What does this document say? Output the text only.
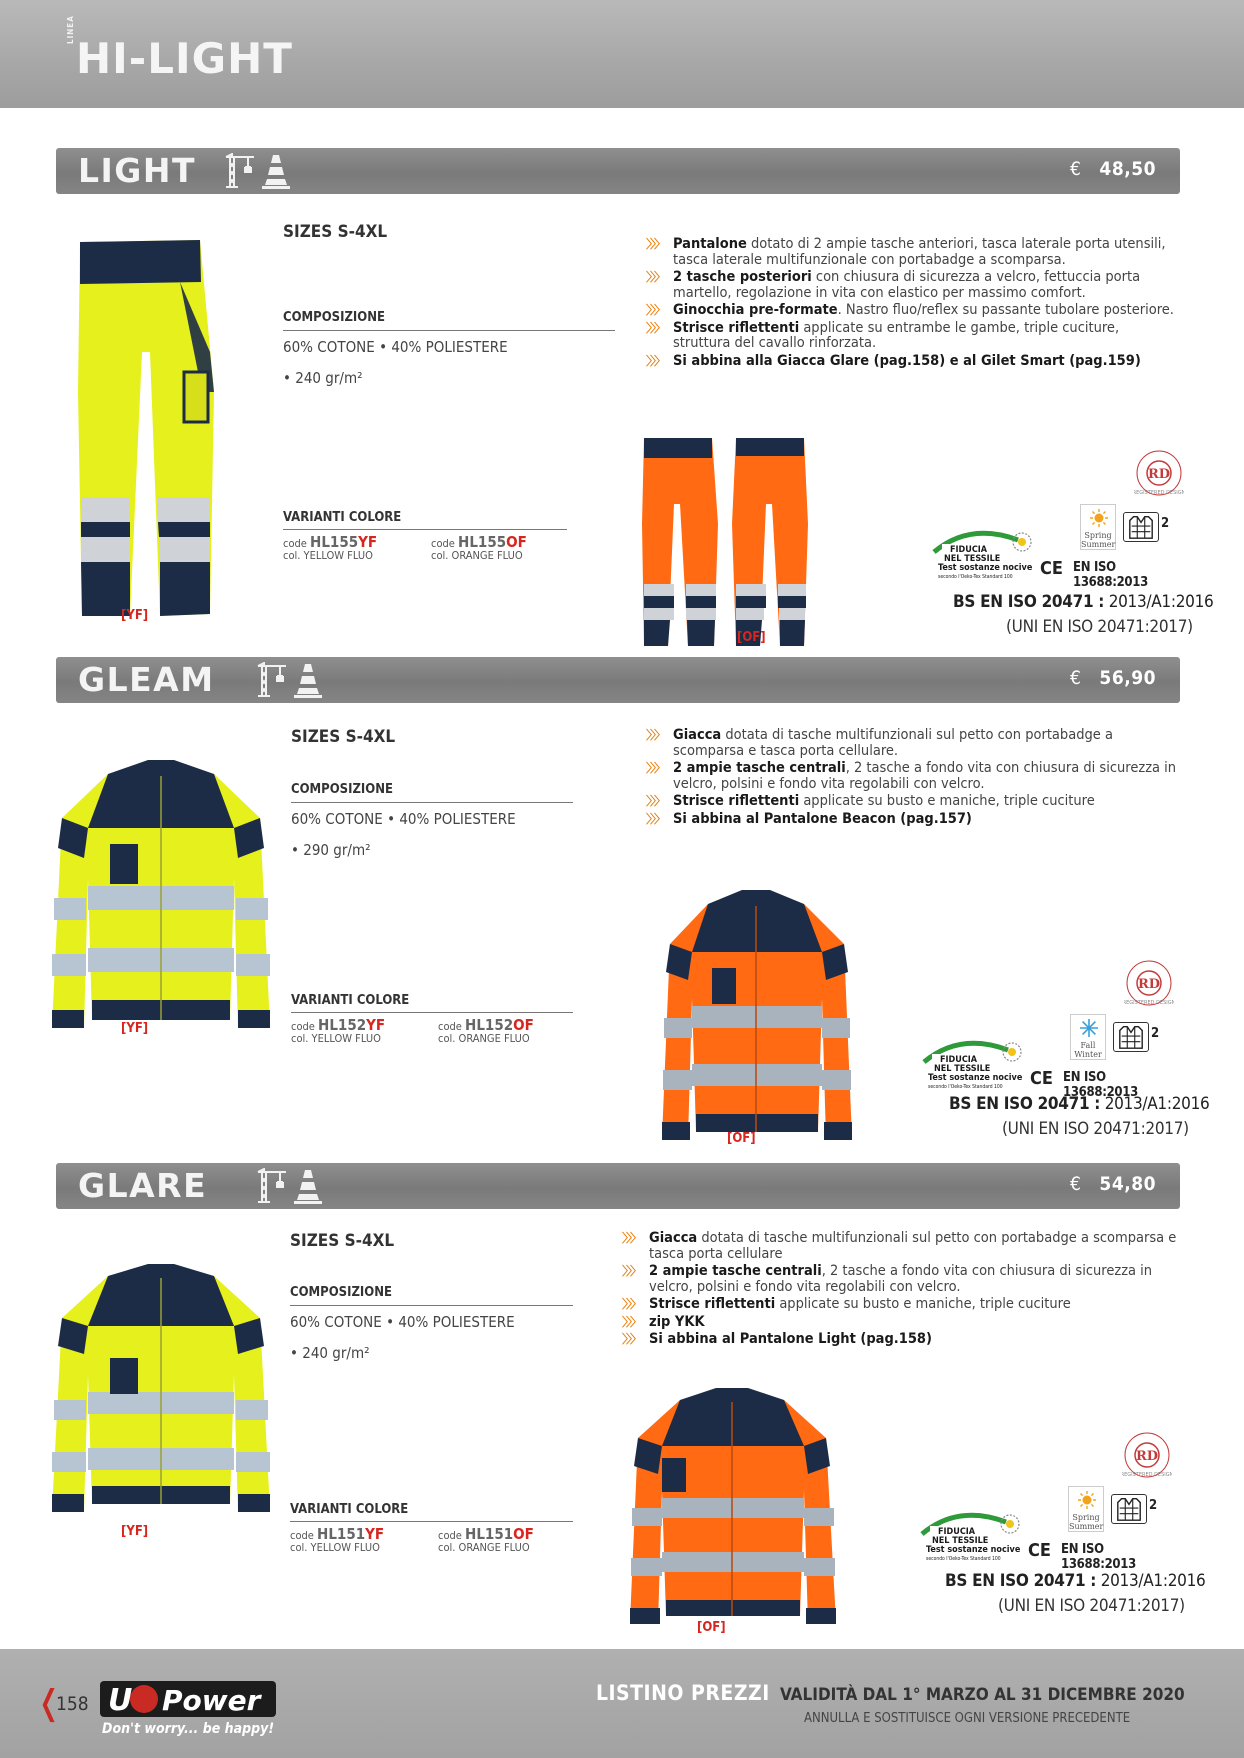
LINEA
HI-LIGHT
LIGHT	€ 48,50
[YF]
SIZES S-4XL
COMPOSIZIONE
60% COTONE • 40% POLIESTERE
• 240 gr/m²
VARIANTI COLORE
code HL155YF
col. YELLOW FLUO
code HL155OF
col. ORANGE FLUO
〉〉〉 Pantalone dotato di 2 ampie tasche anteriori, tasca laterale porta utensili, tasca laterale multifunzionale con portabadge a scomparsa.
〉〉〉 2 tasche posteriori con chiusura di sicurezza a velcro, fettuccia porta martello, regolazione in vita con elastico per massimo comfort.
〉〉〉 Ginocchia pre-formate. Nastro fluo/reflex su passante tubolare posteriore.
〉〉〉 Strisce riflettenti applicate su entrambe le gambe, triple cuciture, struttura del cavallo rinforzata.
〉〉〉 Si abbina alla Giacca Glare (pag.158) e al Gilet Smart (pag.159)
[OF]
Spring
Summer
2
FIDUCIA
NEL TESSILE
Test sostanze nocive
secondo l'Oeko-Tex Standard 100	CE EN ISO 13688:2013
BS EN ISO 20471 : 2013/A1:2016
(UNI EN ISO 20471:2017)
GLEAM	€ 56,90
[YF]
SIZES S-4XL
COMPOSIZIONE
60% COTONE • 40% POLIESTERE
• 290 gr/m²
VARIANTI COLORE
code HL152YF
col. YELLOW FLUO
code HL152OF
col. ORANGE FLUO
〉〉〉 Giacca dotata di tasche multifunzionali sul petto con portabadge a scomparsa e tasca porta cellulare.
〉〉〉 2 ampie tasche centrali, 2 tasche a fondo vita con chiusura di sicurezza in velcro, polsini e fondo vita regolabili con velcro.
〉〉〉 Strisce riflettenti applicate su busto e maniche, triple cuciture
〉〉〉 Si abbina al Pantalone Beacon (pag.157)
[OF]
Fall
Winter
2
FIDUCIA
NEL TESSILE
Test sostanze nocive
secondo l'Oeko-Tex Standard 100	CE EN ISO 13688:2013
BS EN ISO 20471 : 2013/A1:2016
(UNI EN ISO 20471:2017)
GLARE	€ 54,80
[YF]
SIZES S-4XL
COMPOSIZIONE
60% COTONE • 40% POLIESTERE
• 240 gr/m²
VARIANTI COLORE
code HL151YF
col. YELLOW FLUO
code HL151OF
col. ORANGE FLUO
〉〉〉 Giacca dotata di tasche multifunzionali sul petto con portabadge a scomparsa e tasca porta cellulare
〉〉〉 2 ampie tasche centrali, 2 tasche a fondo vita con chiusura di sicurezza in velcro, polsini e fondo vita regolabili con velcro.
〉〉〉 Strisce riflettenti applicate su busto e maniche, triple cuciture
〉〉〉 zip YKK
〉〉〉 Si abbina al Pantalone Light (pag.158)
[OF]
Spring
Summer
2
FIDUCIA
NEL TESSILE
Test sostanze nocive
secondo l'Oeko-Tex Standard 100	CE EN ISO 13688:2013
BS EN ISO 20471 : 2013/A1:2016
(UNI EN ISO 20471:2017)
❬
158 U Power
Don't worry... be happy!
LISTINO PREZZI VALIDITÀ DAL 1° MARZO AL 31 DICEMBRE 2020
ANNULLA E SOSTITUISCE OGNI VERSIONE PRECEDENTE
